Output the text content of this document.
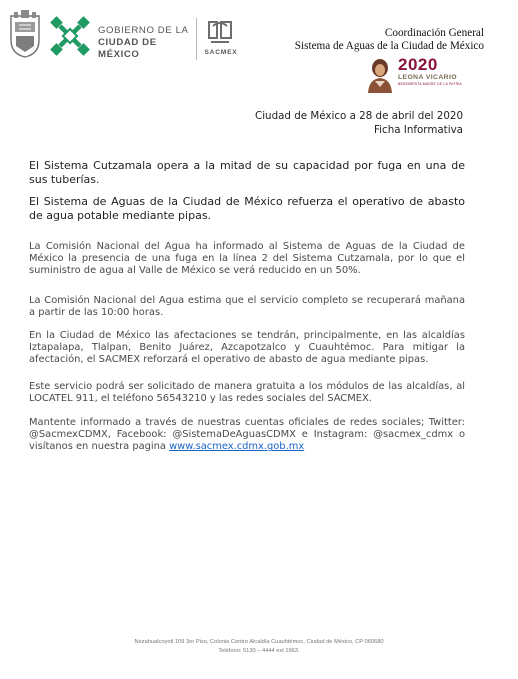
GOBIERNO DE LA
CIUDAD DE MÉXICO	SACMEX
Coordinación General
Sistema de Aguas de la Ciudad de México
2020
LEONA VICARIO
BENEMÉRITA MADRE DE LA PATRIA
Ciudad de México a 28 de abril del 2020
Ficha Informativa
El Sistema Cutzamala opera a la mitad de su capacidad por fuga en una de sus tuberías.
El Sistema de Aguas de la Ciudad de México refuerza el operativo de abasto de agua potable mediante pipas.
La Comisión Nacional del Agua ha informado al Sistema de Aguas de la Ciudad de México la presencia de una fuga en la línea 2 del Sistema Cutzamala, por lo que el suministro de agua al Valle de México se verá reducido en un 50%.
La Comisión Nacional del Agua estima que el servicio completo se recuperará mañana a partir de las 10:00 horas.
En la Ciudad de México las afectaciones se tendrán, principalmente, en las alcaldías Iztapalapa, Tlalpan, Benito Juárez, Azcapotzalco y Cuauhtémoc. Para mitigar la afectación, el SACMEX reforzará el operativo de abasto de agua mediante pipas.
Este servicio podrá ser solicitado de manera gratuita a los módulos de las alcaldías, al LOCATEL 911, el teléfono 56543210 y las redes sociales del SACMEX.
Mantente informado a través de nuestras cuentas oficiales de redes sociales; Twitter: @SacmexCDMX, Facebook: @SistemaDeAguasCDMX e Instagram: @sacmex_cdmx o visítanos en nuestra pagina www.sacmex.cdmx.gob.mx
Nezahualcoyotl 109 3er Piso, Colonia Centro Alcaldía Cuauhtémoc, Ciudad de México, CP 060680
Teléfono: 5130 – 4444 ext 1963.
